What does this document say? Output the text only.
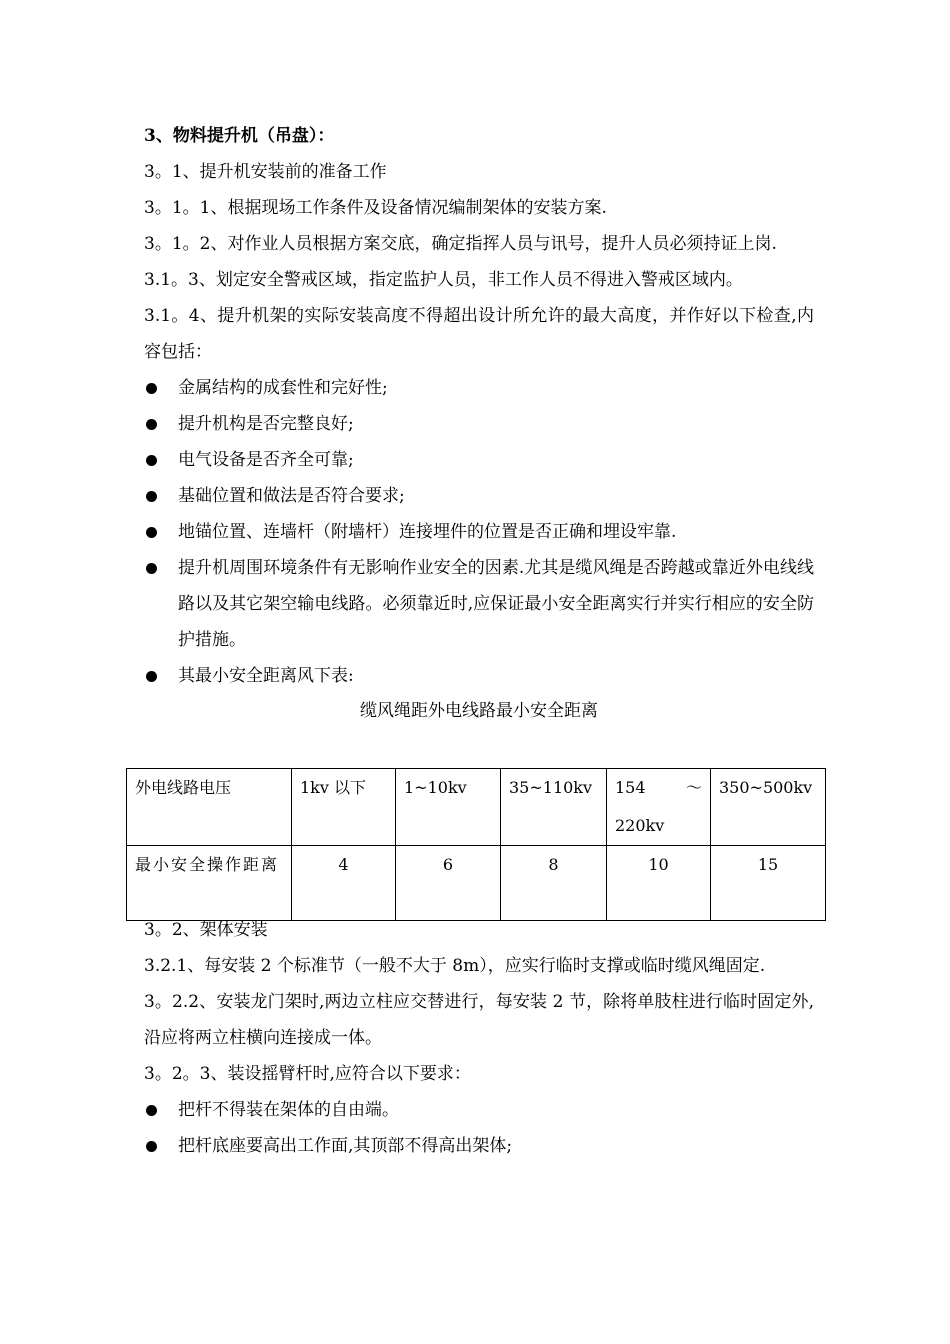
3、物料提升机（吊盘）：
3。1、提升机安装前的准备工作
3。1。1、根据现场工作条件及设备情况编制架体的安装方案.
3。1。2、对作业人员根据方案交底，确定指挥人员与讯号，提升人员必须持证上岗.
3.1。3、划定安全警戒区域，指定监护人员，非工作人员不得进入警戒区域内。
3.1。4、提升机架的实际安装高度不得超出设计所允许的最大高度，并作好以下检查,内容包括：
金属结构的成套性和完好性;
提升机构是否完整良好;
电气设备是否齐全可靠;
基础位置和做法是否符合要求;
地锚位置、连墙杆（附墙杆）连接埋件的位置是否正确和埋设牢靠.
提升机周围环境条件有无影响作业安全的因素.尤其是缆风绳是否跨越或靠近外电线线路以及其它架空输电线路。必须靠近时,应保证最小安全距离实行并实行相应的安全防护措施。
其最小安全距离风下表:
缆风绳距外电线路最小安全距离
外电线路电压	1kv 以下	1~10kv	35~110kv	154 ～220kv	350~500kv
最小安全操作距离	4	6	8	10	15
3。2、架体安装
3.2.1、每安装 2 个标准节（一般不大于 8m），应实行临时支撑或临时缆风绳固定.
3。2.2、安装龙门架时,两边立柱应交替进行，每安装 2 节，除将单肢柱进行临时固定外,沿应将两立柱横向连接成一体。
3。2。3、装设摇臂杆时,应符合以下要求：
把杆不得装在架体的自由端。
把杆底座要高出工作面,其顶部不得高出架体;
